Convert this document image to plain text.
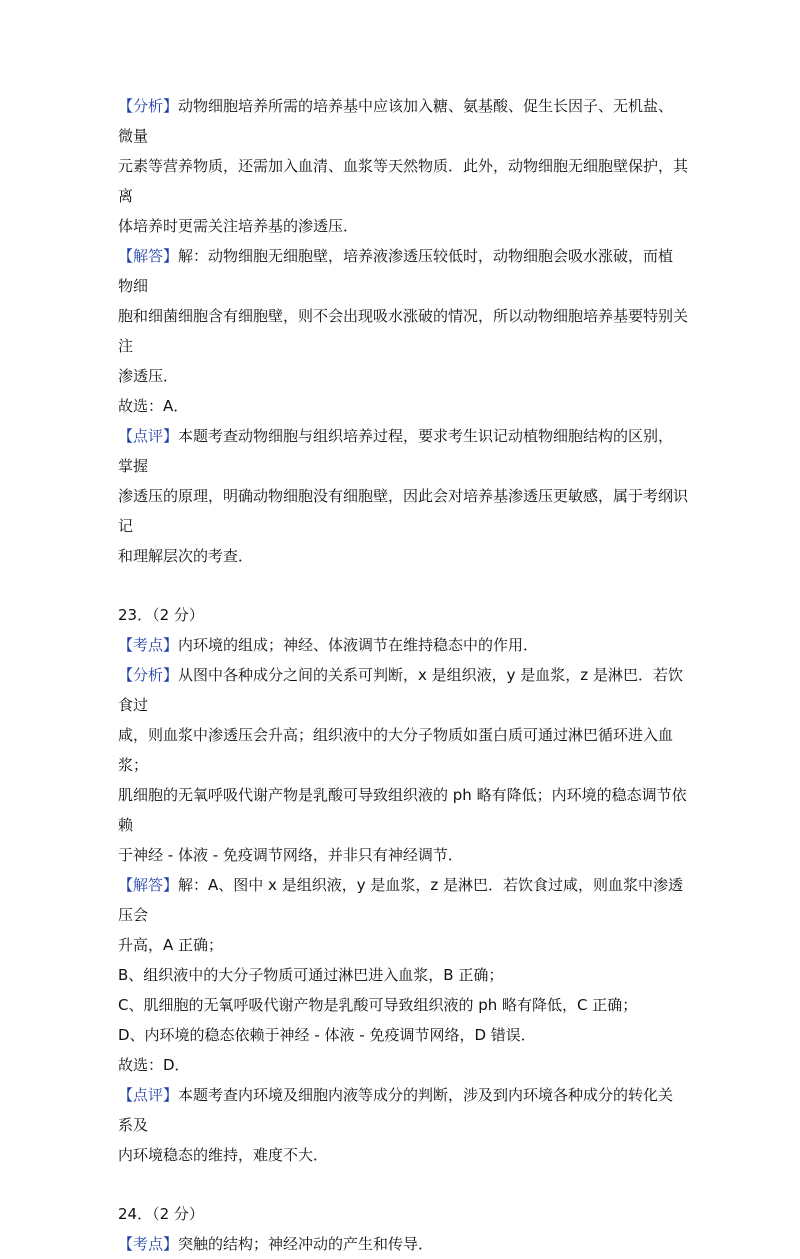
【分析】动物细胞培养所需的培养基中应该加入糖、氨基酸、促生长因子、无机盐、微量

元素等营养物质，还需加入血清、血浆等天然物质．此外，动物细胞无细胞壁保护，其离

体培养时更需关注培养基的渗透压．

【解答】解：动物细胞无细胞壁，培养液渗透压较低时，动物细胞会吸水涨破，而植物细

胞和细菌细胞含有细胞壁，则不会出现吸水涨破的情况，所以动物细胞培养基要特别关注

渗透压．

故选：A．

【点评】本题考查动物细胞与组织培养过程，要求考生识记动植物细胞结构的区别，掌握

渗透压的原理，明确动物细胞没有细胞壁，因此会对培养基渗透压更敏感，属于考纲识记

和理解层次的考查．

23．（2 分）

【考点】内环境的组成；神经、体液调节在维持稳态中的作用．

【分析】从图中各种成分之间的关系可判断，x 是组织液，y 是血浆，z 是淋巴．若饮食过

咸，则血浆中渗透压会升高；组织液中的大分子物质如蛋白质可通过淋巴循环进入血浆；

肌细胞的无氧呼吸代谢产物是乳酸可导致组织液的 ph 略有降低；内环境的稳态调节依赖

于神经 - 体液 - 免疫调节网络，并非只有神经调节．

【解答】解：A、图中 x 是组织液，y 是血浆，z 是淋巴．若饮食过咸，则血浆中渗透压会

升高，A 正确；

B、组织液中的大分子物质可通过淋巴进入血浆，B 正确；

C、肌细胞的无氧呼吸代谢产物是乳酸可导致组织液的 ph 略有降低，C 正确；

D、内环境的稳态依赖于神经 - 体液 - 免疫调节网络，D 错误．

故选：D．

【点评】本题考查内环境及细胞内液等成分的判断，涉及到内环境各种成分的转化关系及

内环境稳态的维持，难度不大．

24．（2 分）

【考点】突触的结构；神经冲动的产生和传导．
